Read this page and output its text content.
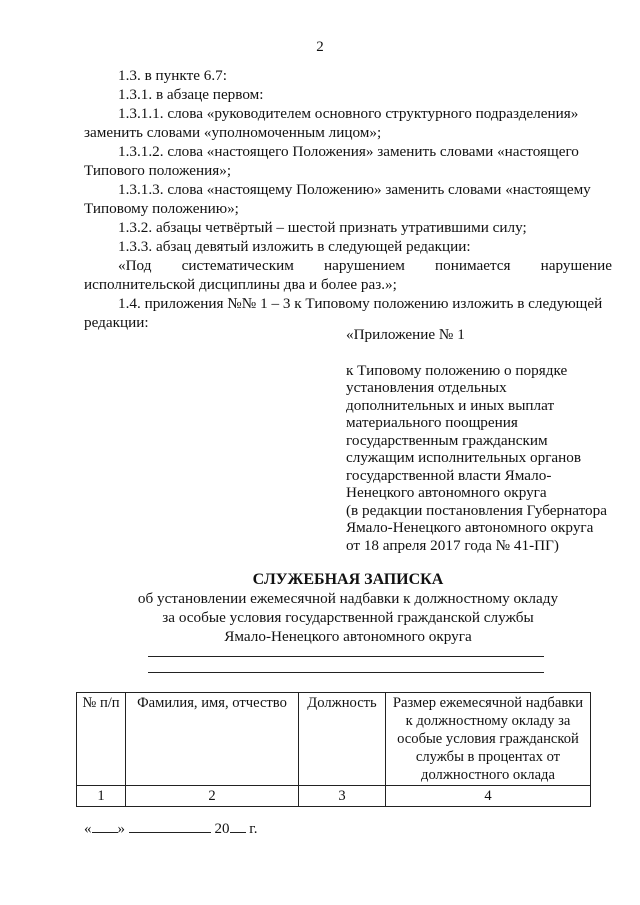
2

1.3. в пункте 6.7:

1.3.1. в абзаце первом:

1.3.1.1. слова «руководителем основного структурного подразделения»

заменить словами «уполномоченным лицом»;

1.3.1.2. слова «настоящего Положения» заменить словами «настоящего

Типового положения»;

1.3.1.3. слова «настоящему Положению» заменить словами «настоящему

Типовому положению»;

1.3.2. абзацы четвёртый – шестой признать утратившими силу;

1.3.3. абзац девятый изложить в следующей редакции:

«Под систематическим нарушением понимается нарушение

исполнительской дисциплины два и более раз.»;

1.4. приложения №№ 1 – 3 к Типовому положению изложить в следующей

редакции:

«Приложение № 1
к Типовому положению о порядке
установления отдельных
дополнительных и иных выплат
материального поощрения
государственным гражданским
служащим исполнительных органов
государственной власти Ямало-
Ненецкого автономного округа
(в редакции постановления Губернатора
Ямало-Ненецкого автономного округа
от 18 апреля 2017 года № 41-ПГ)
СЛУЖЕБНАЯ ЗАПИСКА
об установлении ежемесячной надбавки к должностному окладу
за особые условия государственной гражданской службы
Ямало-Ненецкого автономного округа
№ п/п	Фамилия, имя, отчество	Должность	Размер ежемесячной надбавки к должностному окладу за особые условия гражданской службы в процентах от должностного оклада
1	2	3	4
« »	20 г.
